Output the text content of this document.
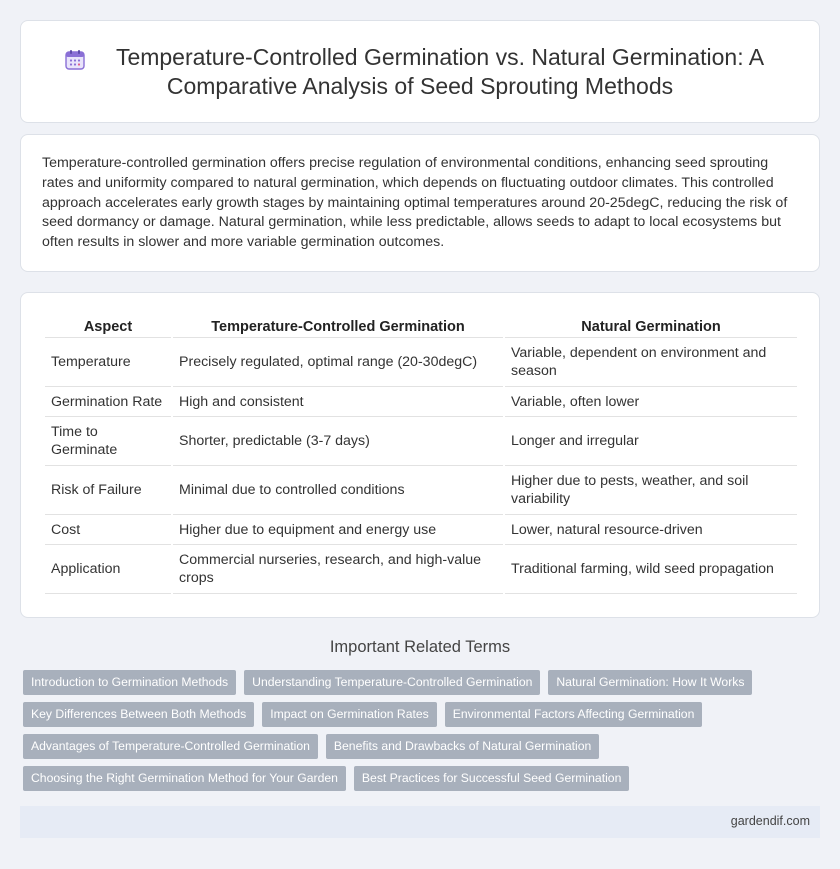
Temperature-Controlled Germination vs. Natural Germination: A
Comparative Analysis of Seed Sprouting Methods

Temperature-controlled germination offers precise regulation of environmental conditions, enhancing seed sprouting rates and uniformity compared to natural germination, which depends on fluctuating outdoor climates. This controlled approach accelerates early growth stages by maintaining optimal temperatures around 20-25degC, reducing the risk of seed dormancy or damage. Natural germination, while less predictable, allows seeds to adapt to local ecosystems but often results in slower and more variable germination outcomes.

Aspect	Temperature-Controlled Germination	Natural Germination
Temperature	Precisely regulated, optimal range (20-30degC)	Variable, dependent on environment and season
Germination Rate	High and consistent	Variable, often lower
Time to Germinate	Shorter, predictable (3-7 days)	Longer and irregular
Risk of Failure	Minimal due to controlled conditions	Higher due to pests, weather, and soil variability
Cost	Higher due to equipment and energy use	Lower, natural resource-driven
Application	Commercial nurseries, research, and high-value crops	Traditional farming, wild seed propagation
Important Related Terms
Introduction to Germination Methods	Understanding Temperature-Controlled Germination	Natural Germination: How It Works
Key Differences Between Both Methods	Impact on Germination Rates	Environmental Factors Affecting Germination
Advantages of Temperature-Controlled Germination	Benefits and Drawbacks of Natural Germination
Choosing the Right Germination Method for Your Garden	Best Practices for Successful Seed Germination
gardendif.com
